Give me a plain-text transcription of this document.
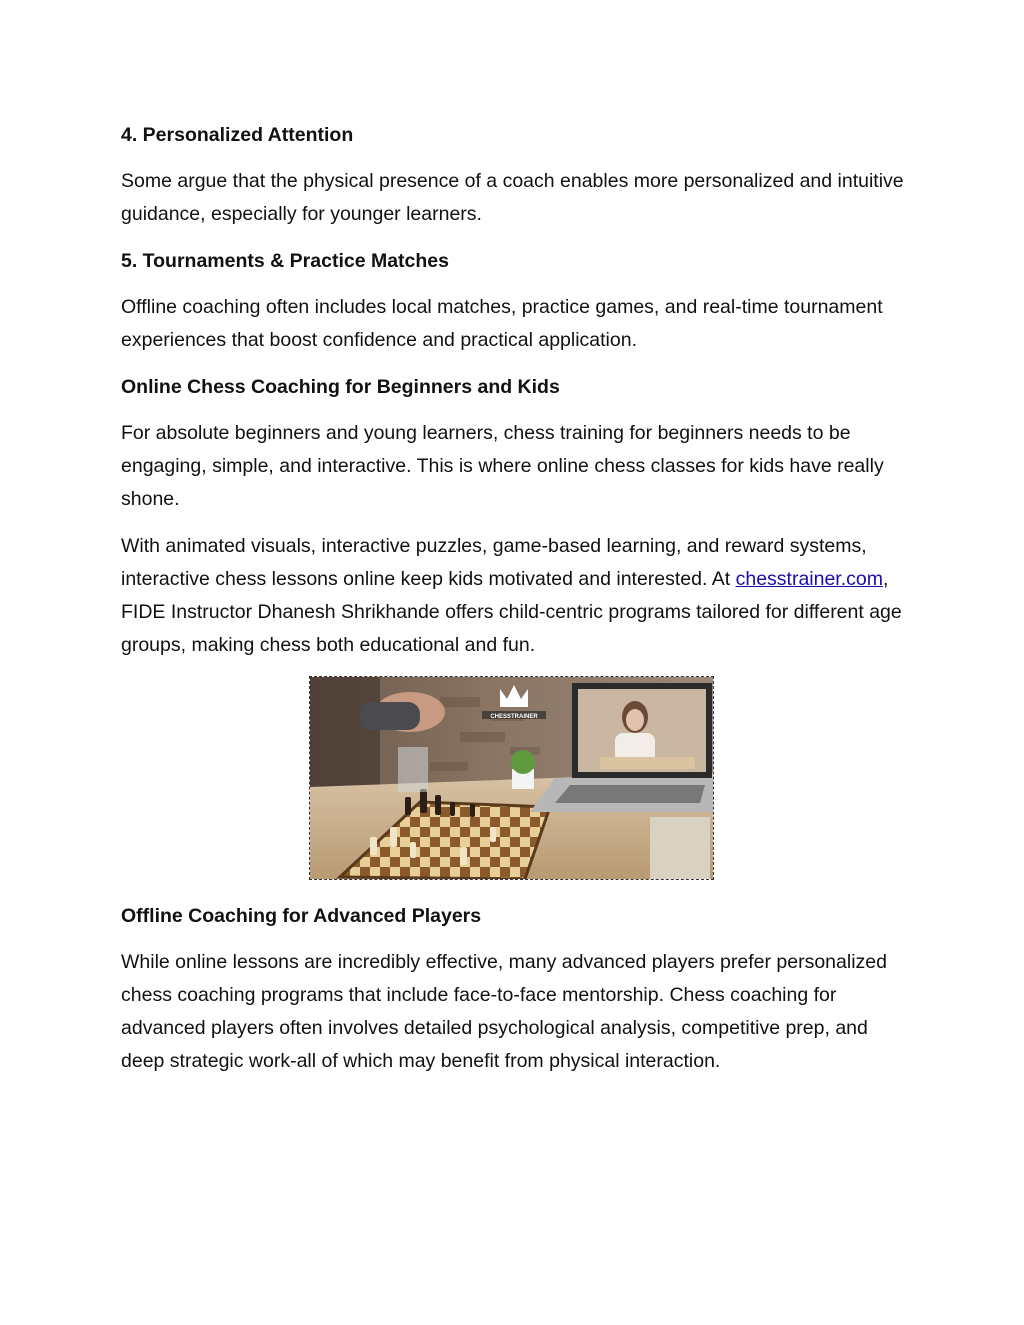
4. Personalized Attention

Some argue that the physical presence of a coach enables more personalized and intuitive guidance, especially for younger learners.

5. Tournaments & Practice Matches

Offline coaching often includes local matches, practice games, and real-time tournament experiences that boost confidence and practical application.

Online Chess Coaching for Beginners and Kids

For absolute beginners and young learners, chess training for beginners needs to be engaging, simple, and interactive. This is where online chess classes for kids have really shone.

With animated visuals, interactive puzzles, game-based learning, and reward systems, interactive chess lessons online keep kids motivated and interested. At chesstrainer.com, FIDE Instructor Dhanesh Shrikhande offers child-centric programs tailored for different age groups, making chess both educational and fun.

CHESSTRAINER
Offline Coaching for Advanced Players

While online lessons are incredibly effective, many advanced players prefer personalized chess coaching programs that include face-to-face mentorship. Chess coaching for advanced players often involves detailed psychological analysis, competitive prep, and deep strategic work-all of which may benefit from physical interaction.
